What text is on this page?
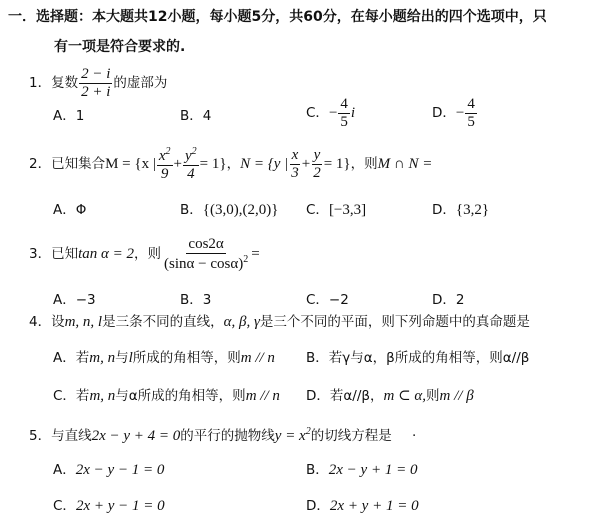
一．选择题：本大题共12小题，每小题5分，共60分，在每小题给出的四个选项中，只
有一项是符合要求的.
1．复数 $\frac{2 - i}{2 + i}$ 的虚部为
A．1	B．4	C．− $\frac{4}{5}$ i	D．− $\frac{4}{5}$
2．已知集合M = {x | $\frac{x^2}{9} + \frac{y^2}{4} = 1$}，N = {y | $\frac{x}{3} + \frac{y}{2} = 1$}，则M ∩ N =
A．Φ	B．{(3,0),(2,0)} C．[−3,3]	D．{3,2}
3．已知tan α = 2，则 $\frac{\cos 2\alpha}{(\sin\alpha - \cos\alpha)^2}$ =
A．−3	B．3	C．−2	D．2
4．设m, n, l是三条不同的直线，α, β, γ是三个不同的平面，则下列命题中的真命题是
A．若m, n与l所成的角相等，则m // n B．若γ与α，β所成的角相等，则α//β
C．若m, n与α所成的角相等，则m // n D．若α//β，m ⊂ α,则m // β
5．与直线2x − y + 4 = 0的平行的抛物线$y = x^2$的切线方程是 .
A．2x − y − 1 = 0	B．2x − y + 1 = 0
C．2x + y − 1 = 0	D．2x + y + 1 = 0
